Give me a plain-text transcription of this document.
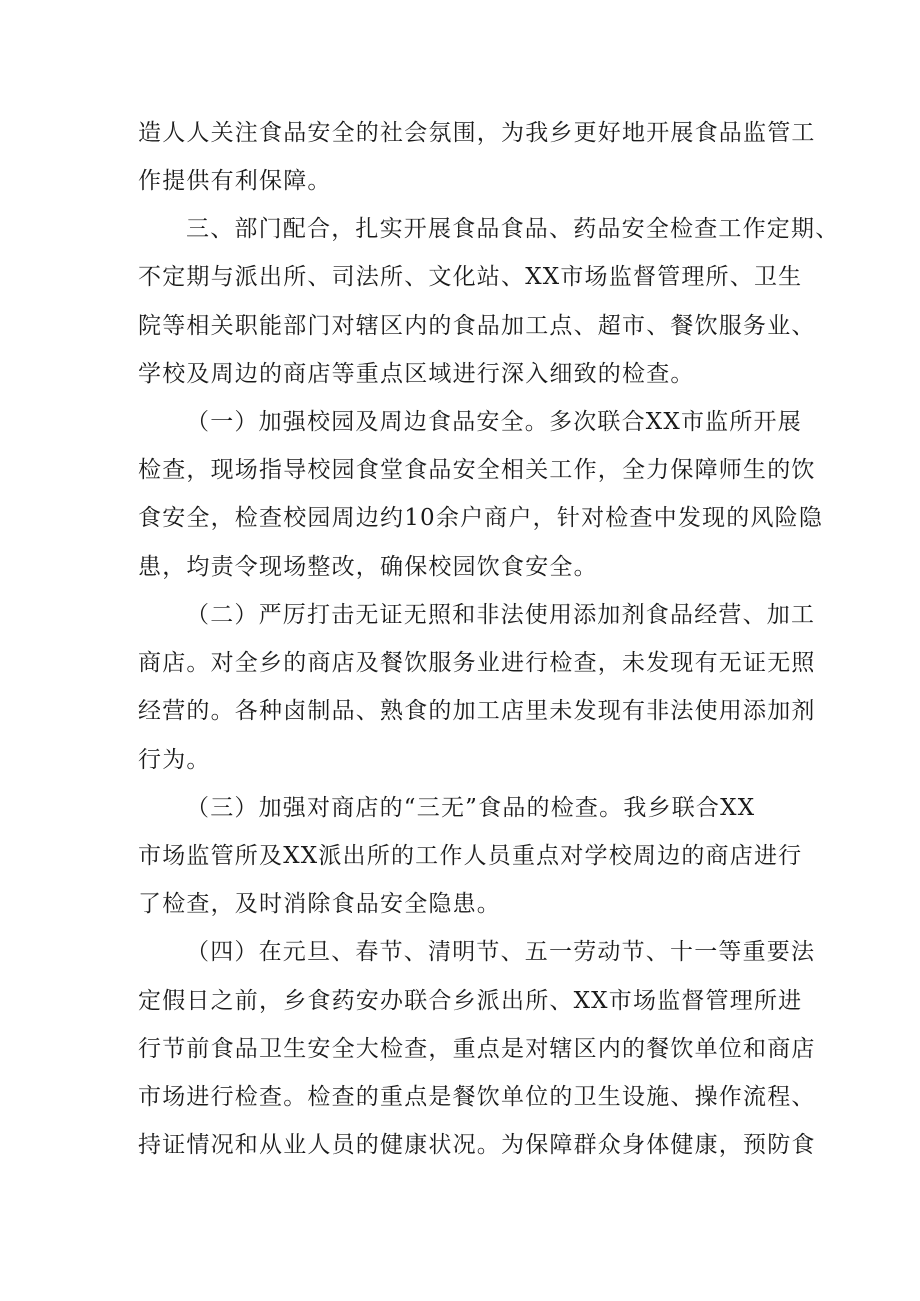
造人人关注食品安全的社会氛围，为我乡更好地开展食品监管工

作提供有利保障。

三、部门配合，扎实开展食品食品、药品安全检查工作定期、

不定期与派出所、司法所、文化站、XX市场监督管理所、卫生

院等相关职能部门对辖区内的食品加工点、超市、餐饮服务业、

学校及周边的商店等重点区域进行深入细致的检查。

（一）加强校园及周边食品安全。多次联合XX市监所开展

检查，现场指导校园食堂食品安全相关工作，全力保障师生的饮

食安全，检查校园周边约10余户商户，针对检查中发现的风险隐

患，均责令现场整改，确保校园饮食安全。

（二）严厉打击无证无照和非法使用添加剂食品经营、加工

商店。对全乡的商店及餐饮服务业进行检查，未发现有无证无照

经营的。各种卤制品、熟食的加工店里未发现有非法使用添加剂

行为。

（三）加强对商店的“三无”食品的检查。我乡联合XX

市场监管所及XX派出所的工作人员重点对学校周边的商店进行

了检查，及时消除食品安全隐患。

（四）在元旦、春节、清明节、五一劳动节、十一等重要法

定假日之前，乡食药安办联合乡派出所、XX市场监督管理所进

行节前食品卫生安全大检查，重点是对辖区内的餐饮单位和商店

市场进行检查。检查的重点是餐饮单位的卫生设施、操作流程、

持证情况和从业人员的健康状况。为保障群众身体健康，预防食
